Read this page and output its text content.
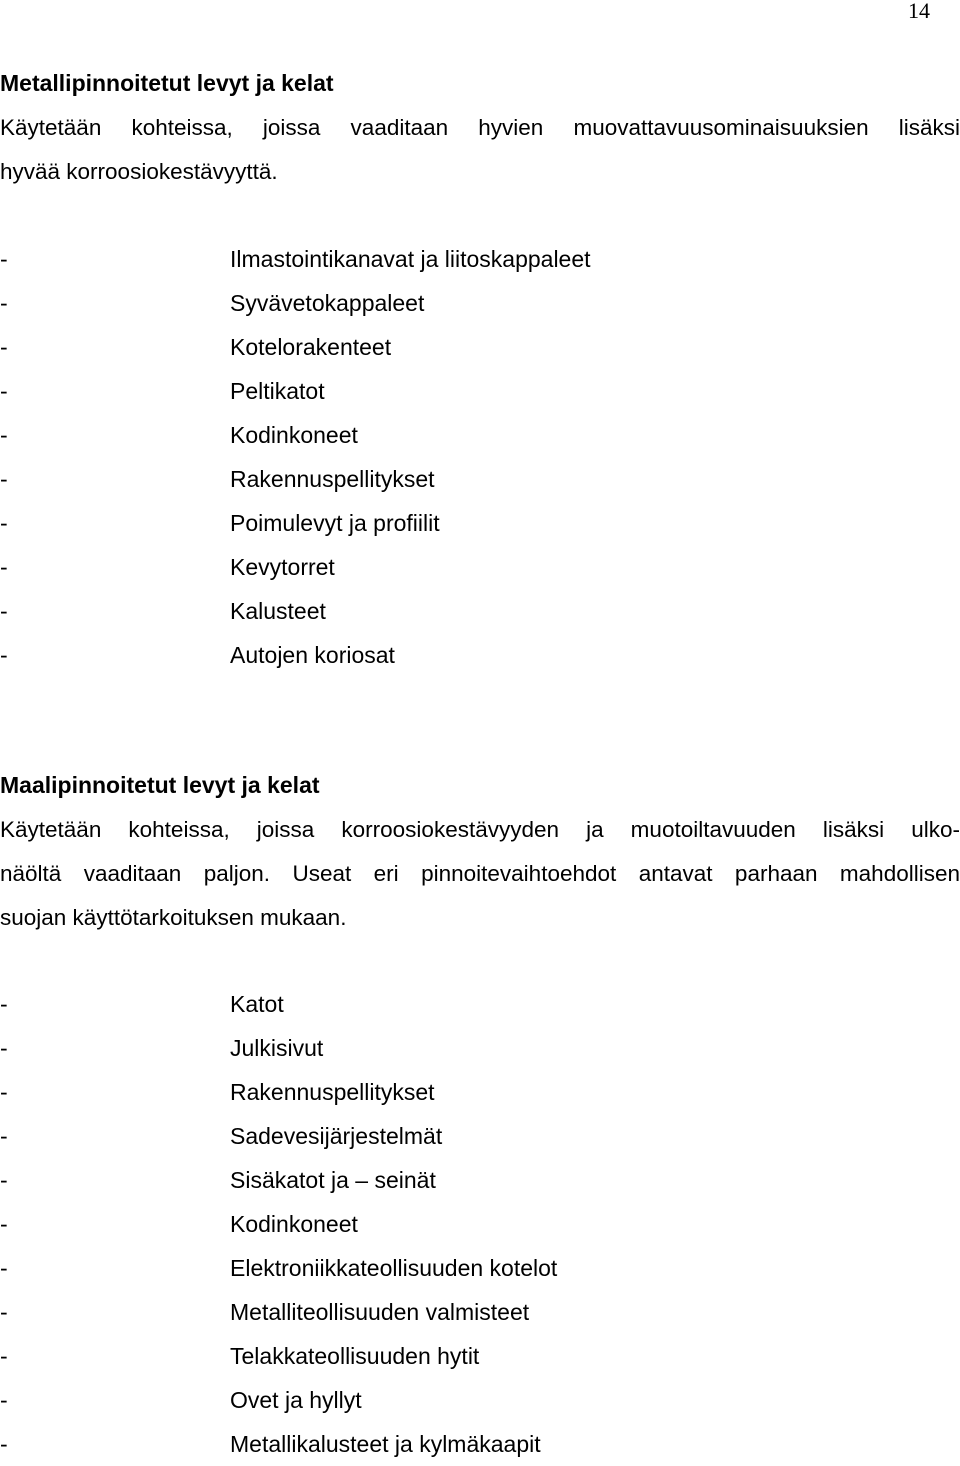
14
Metallipinnoitetut levyt ja kelat

Käytetään kohteissa, joissa vaaditaan hyvien muovattavuusominaisuuksien lisäksi

hyvää korroosiokestävyyttä.

-	Ilmastointikanavat ja liitoskappaleet
-	Syvävetokappaleet
-	Kotelorakenteet
-	Peltikatot
-	Kodinkoneet
-	Rakennuspellitykset
-	Poimulevyt ja profiilit
-	Kevytorret
-	Kalusteet
-	Autojen koriosat
Maalipinnoitetut levyt ja kelat

Käytetään kohteissa, joissa korroosiokestävyyden ja muotoiltavuuden lisäksi ulko-

näöltä vaaditaan paljon. Useat eri pinnoitevaihtoehdot antavat parhaan mahdollisen

suojan käyttötarkoituksen mukaan.

-	Katot
-	Julkisivut
-	Rakennuspellitykset
-	Sadevesijärjestelmät
-	Sisäkatot ja – seinät
-	Kodinkoneet
-	Elektroniikkateollisuuden kotelot
-	Metalliteollisuuden valmisteet
-	Telakkateollisuuden hytit
-	Ovet ja hyllyt
-	Metallikalusteet ja kylmäkaapit
